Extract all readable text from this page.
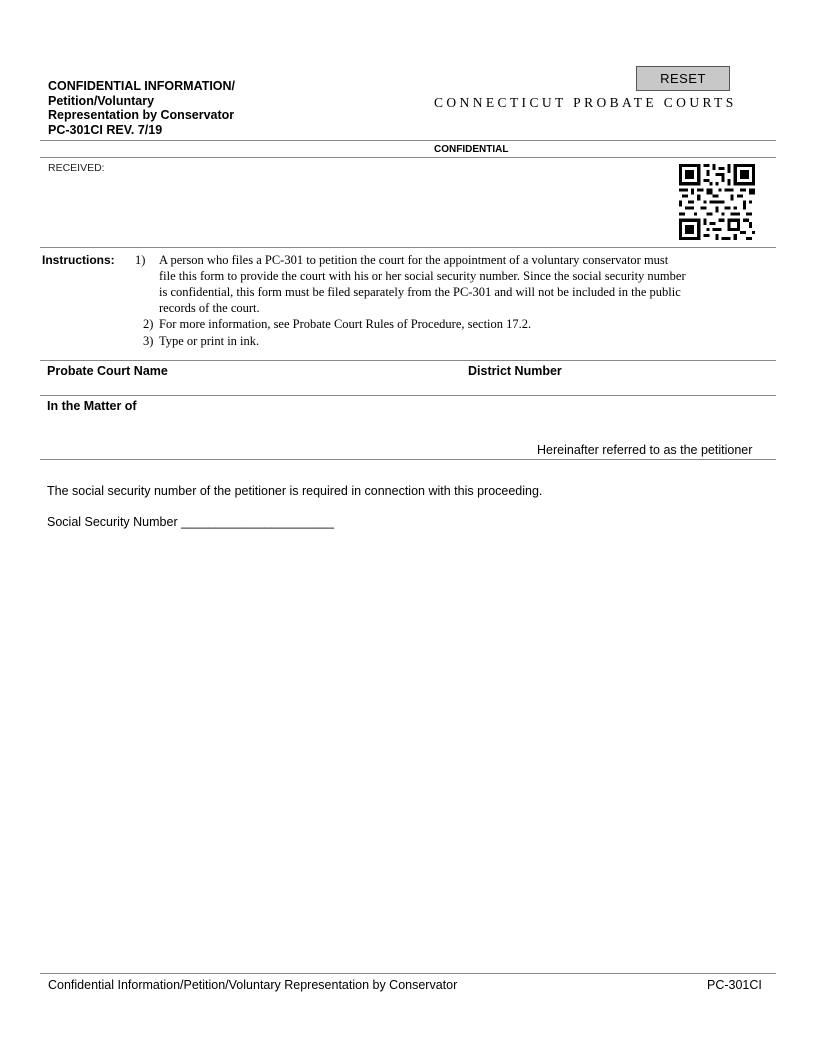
CONFIDENTIAL INFORMATION/
Petition/Voluntary
Representation by Conservator
PC-301CI REV. 7/19
RESET
CONNECTICUT PROBATE COURTS
CONFIDENTIAL
RECEIVED:
Instructions: 1) A person who files a PC-301 to petition the court for the appointment of a voluntary conservator must
file this form to provide the court with his or her social security number. Since the social security number
is confidential, this form must be filed separately from the PC-301 and will not be included in the public
records of the court.
2) For more information, see Probate Court Rules of Procedure, section 17.2.
3) Type or print in ink.
Probate Court Name	District Number
In the Matter of
Hereinafter referred to as the petitioner
The social security number of the petitioner is required in connection with this proceeding.
Social Security Number ______________________
Confidential Information/Petition/Voluntary Representation by Conservator	PC-301CI
